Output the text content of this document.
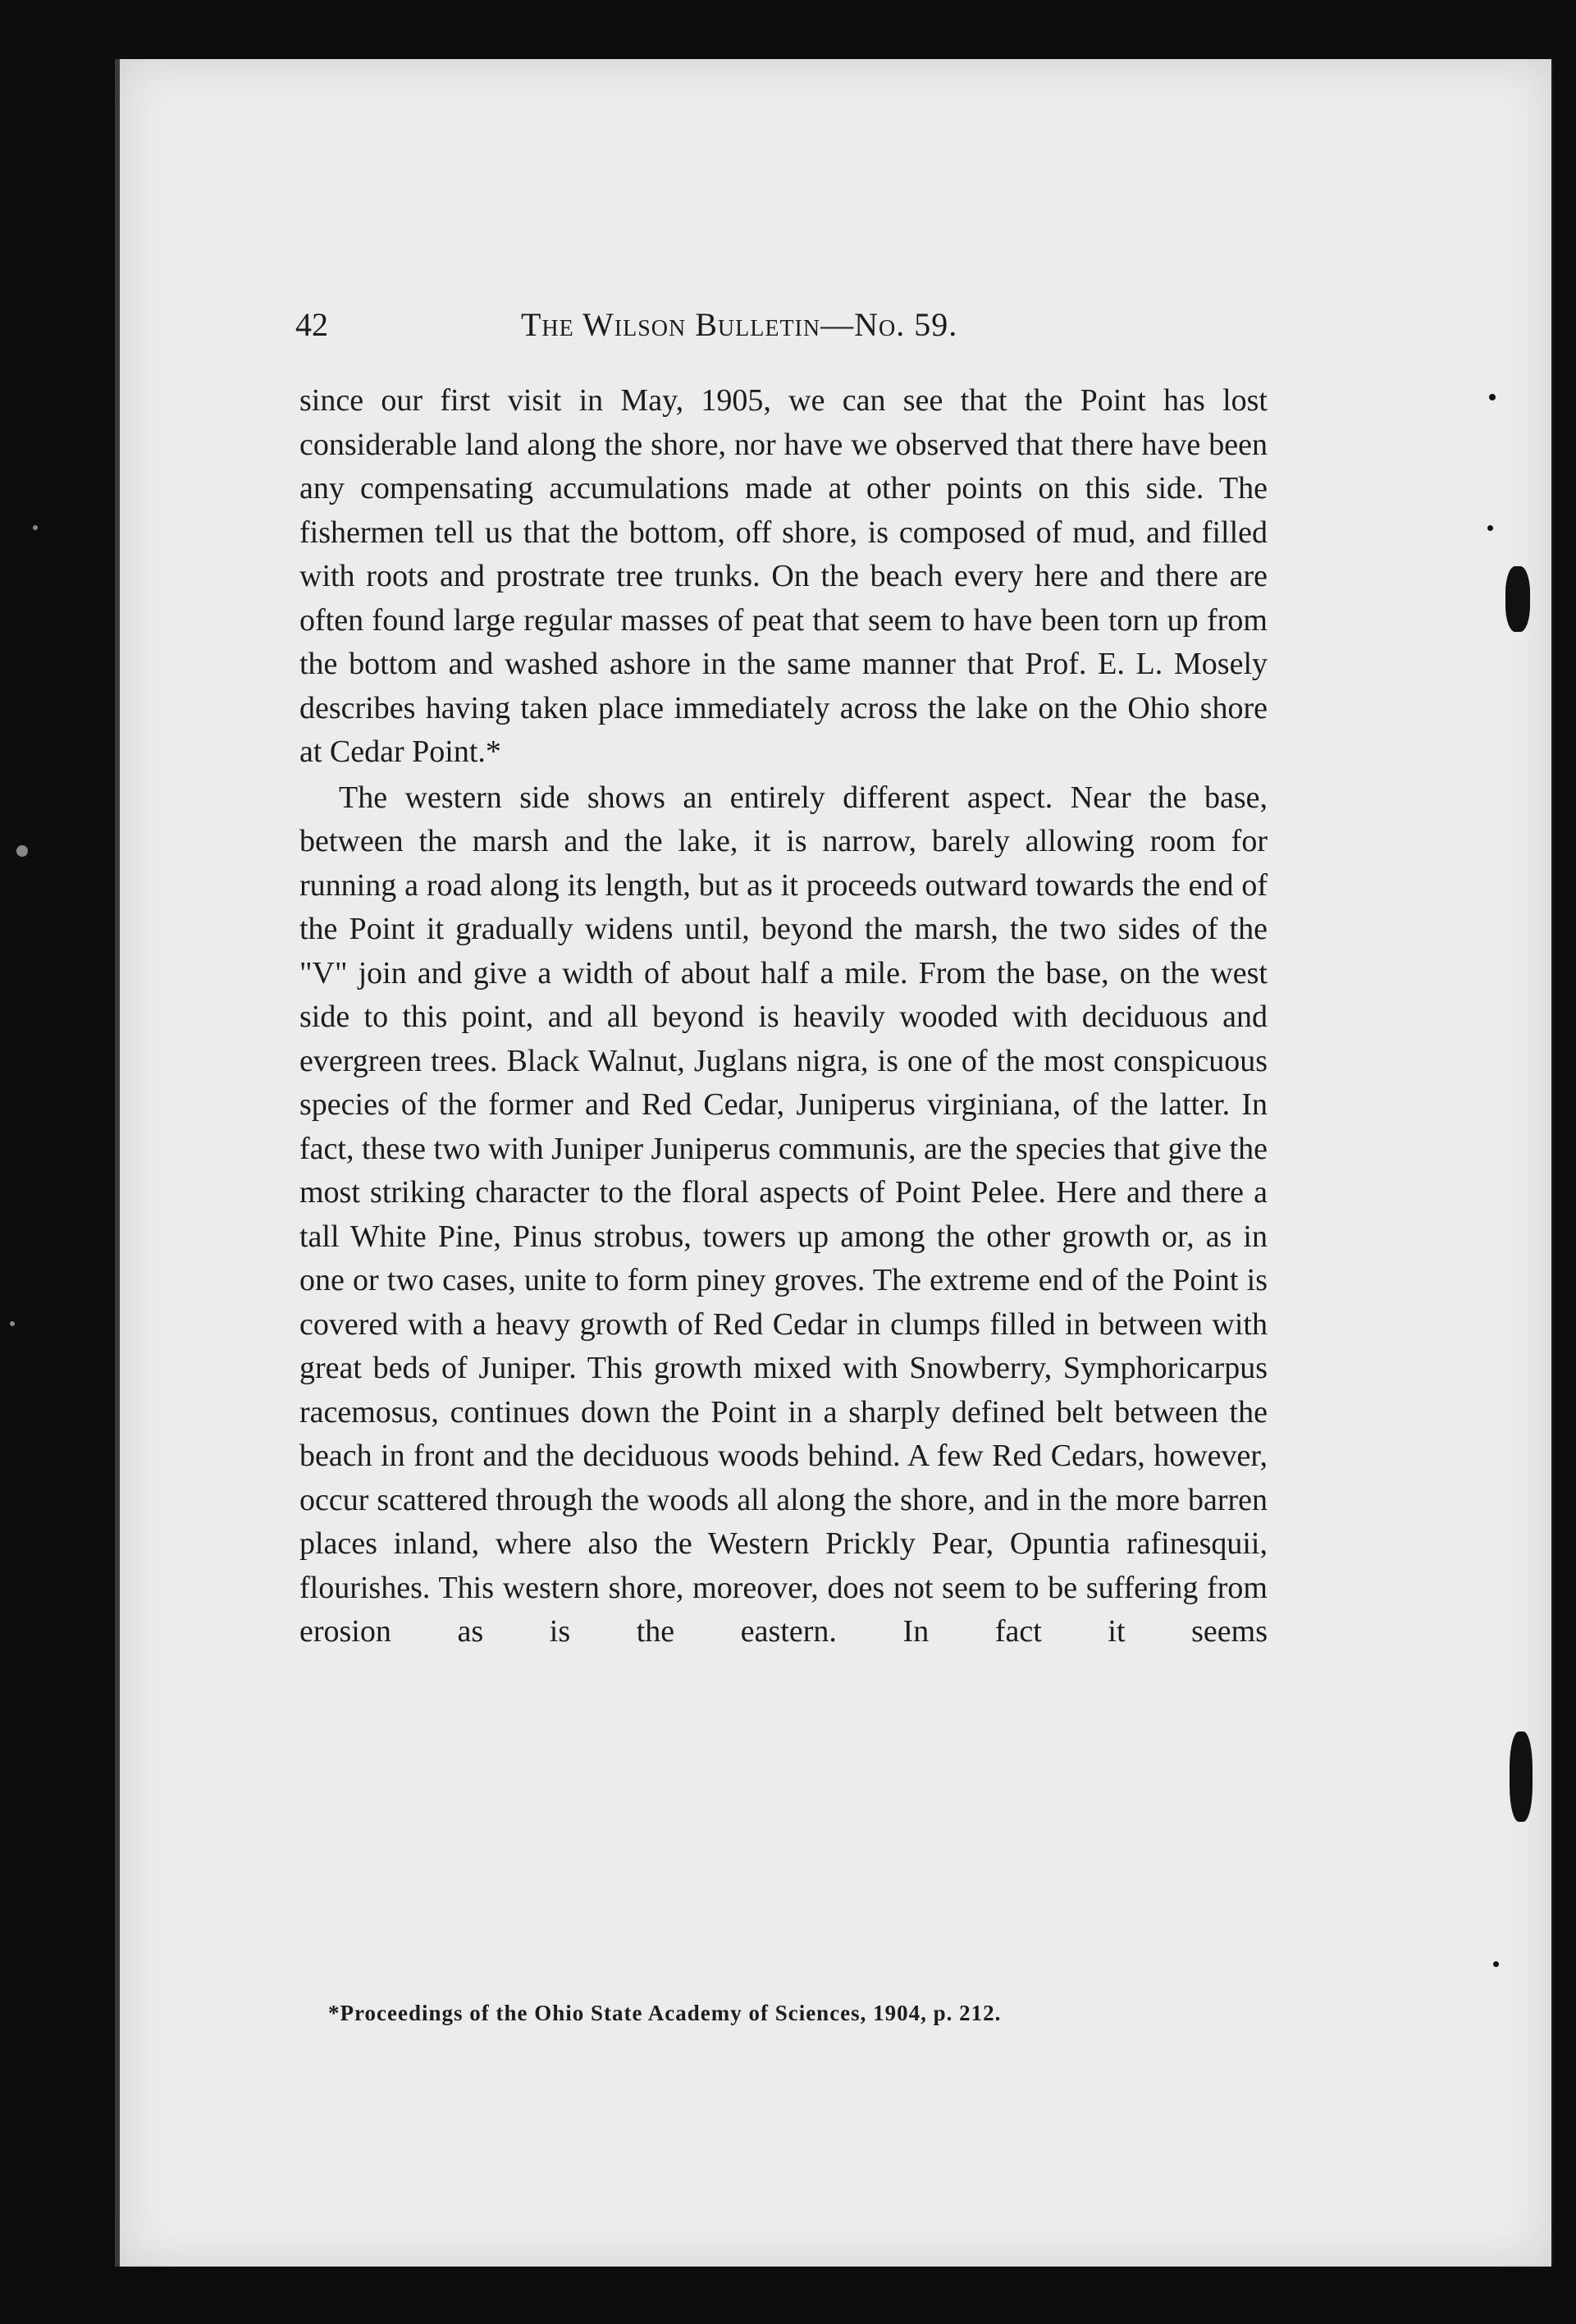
42	The Wilson Bulletin—No. 59.

since our first visit in May, 1905, we can see that the Point has lost considerable land along the shore, nor have we observed that there have been any compensating accumulations made at other points on this side. The fishermen tell us that the bottom, off shore, is composed of mud, and filled with roots and prostrate tree trunks. On the beach every here and there are often found large regular masses of peat that seem to have been torn up from the bottom and washed ashore in the same manner that Prof. E. L. Mosely describes having taken place immediately across the lake on the Ohio shore at Cedar Point.*

The western side shows an entirely different aspect. Near the base, between the marsh and the lake, it is narrow, barely allowing room for running a road along its length, but as it proceeds outward towards the end of the Point it gradually widens until, beyond the marsh, the two sides of the "V" join and give a width of about half a mile. From the base, on the west side to this point, and all beyond is heavily wooded with deciduous and evergreen trees. Black Walnut, Juglans nigra, is one of the most conspicuous species of the former and Red Cedar, Juniperus virginiana, of the latter. In fact, these two with Juniper Juniperus communis, are the species that give the most striking character to the floral aspects of Point Pelee. Here and there a tall White Pine, Pinus strobus, towers up among the other growth or, as in one or two cases, unite to form piney groves. The extreme end of the Point is covered with a heavy growth of Red Cedar in clumps filled in between with great beds of Juniper. This growth mixed with Snowberry, Symphoricarpus racemosus, continues down the Point in a sharply defined belt between the beach in front and the deciduous woods behind. A few Red Cedars, however, occur scattered through the woods all along the shore, and in the more barren places inland, where also the Western Prickly Pear, Opuntia rafinesquii, flourishes. This western shore, moreover, does not seem to be suffering from erosion as is the eastern. In fact it seems

*Proceedings of the Ohio State Academy of Sciences, 1904, p. 212.
